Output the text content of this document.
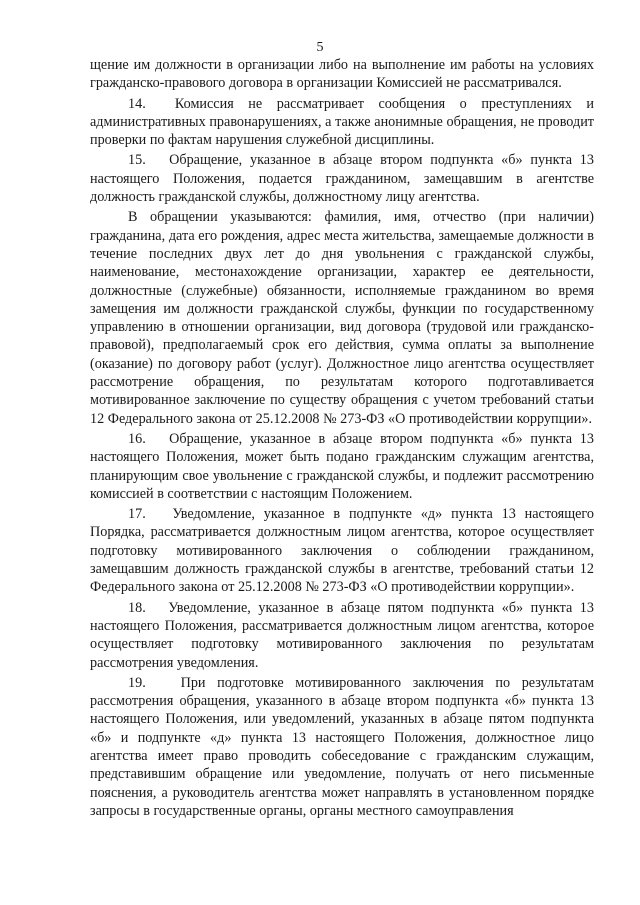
5

щение им должности в организации либо на выполнение им работы на условиях гражданско-правового договора в организации Комиссией не рассматривался.

14.  Комиссия не рассматривает сообщения о преступлениях и административных правонарушениях, а также анонимные обращения, не проводит проверки по фактам нарушения служебной дисциплины.

15.   Обращение, указанное в абзаце втором подпункта «б» пункта 13 настоящего Положения, подается гражданином, замещавшим в агентстве должность гражданской службы, должностному лицу агентства.

В обращении указываются: фамилия, имя, отчество (при наличии) гражданина, дата его рождения, адрес места жительства, замещаемые должности в течение последних двух лет до дня увольнения с гражданской службы, наименование, местонахождение организации, характер ее деятельности, должностные (служебные) обязанности, исполняемые гражданином во время замещения им должности гражданской службы, функции по государственному управлению в отношении организации, вид договора (трудовой или гражданско-правовой), предполагаемый срок его действия, сумма оплаты за выполнение (оказание) по договору работ (услуг). Должностное лицо агентства осуществляет рассмотрение обращения, по результатам которого подготавливается мотивированное заключение по существу обращения с учетом требований статьи 12 Федерального закона от 25.12.2008 № 273-ФЗ «О противодействии коррупции».

16.   Обращение, указанное в абзаце втором подпункта «б» пункта 13 настоящего Положения, может быть подано гражданским служащим агентства, планирующим свое увольнение с гражданской службы, и подлежит рассмотрению комиссией в соответствии с настоящим Положением.

17.   Уведомление, указанное в подпункте «д» пункта 13 настоящего Порядка, рассматривается должностным лицом агентства, которое осуществляет подготовку мотивированного заключения о соблюдении гражданином, замещавшим должность гражданской службы в агентстве, требований статьи 12 Федерального закона от 25.12.2008 № 273-ФЗ «О противодействии коррупции».

18.   Уведомление, указанное в абзаце пятом подпункта «б» пункта 13 настоящего Положения, рассматривается должностным лицом агентства, которое осуществляет подготовку мотивированного заключения по результатам рассмотрения уведомления.

19.   При подготовке мотивированного заключения по результатам рассмотрения обращения, указанного в абзаце втором подпункта «б» пункта 13 настоящего Положения, или уведомлений, указанных в абзаце пятом подпункта «б» и подпункте «д» пункта 13 настоящего Положения, должностное лицо агентства имеет право проводить собеседование с гражданским служащим, представившим обращение или уведомление, получать от него письменные пояснения, а руководитель агентства может направлять в установленном порядке запросы в государственные органы, органы местного самоуправления
